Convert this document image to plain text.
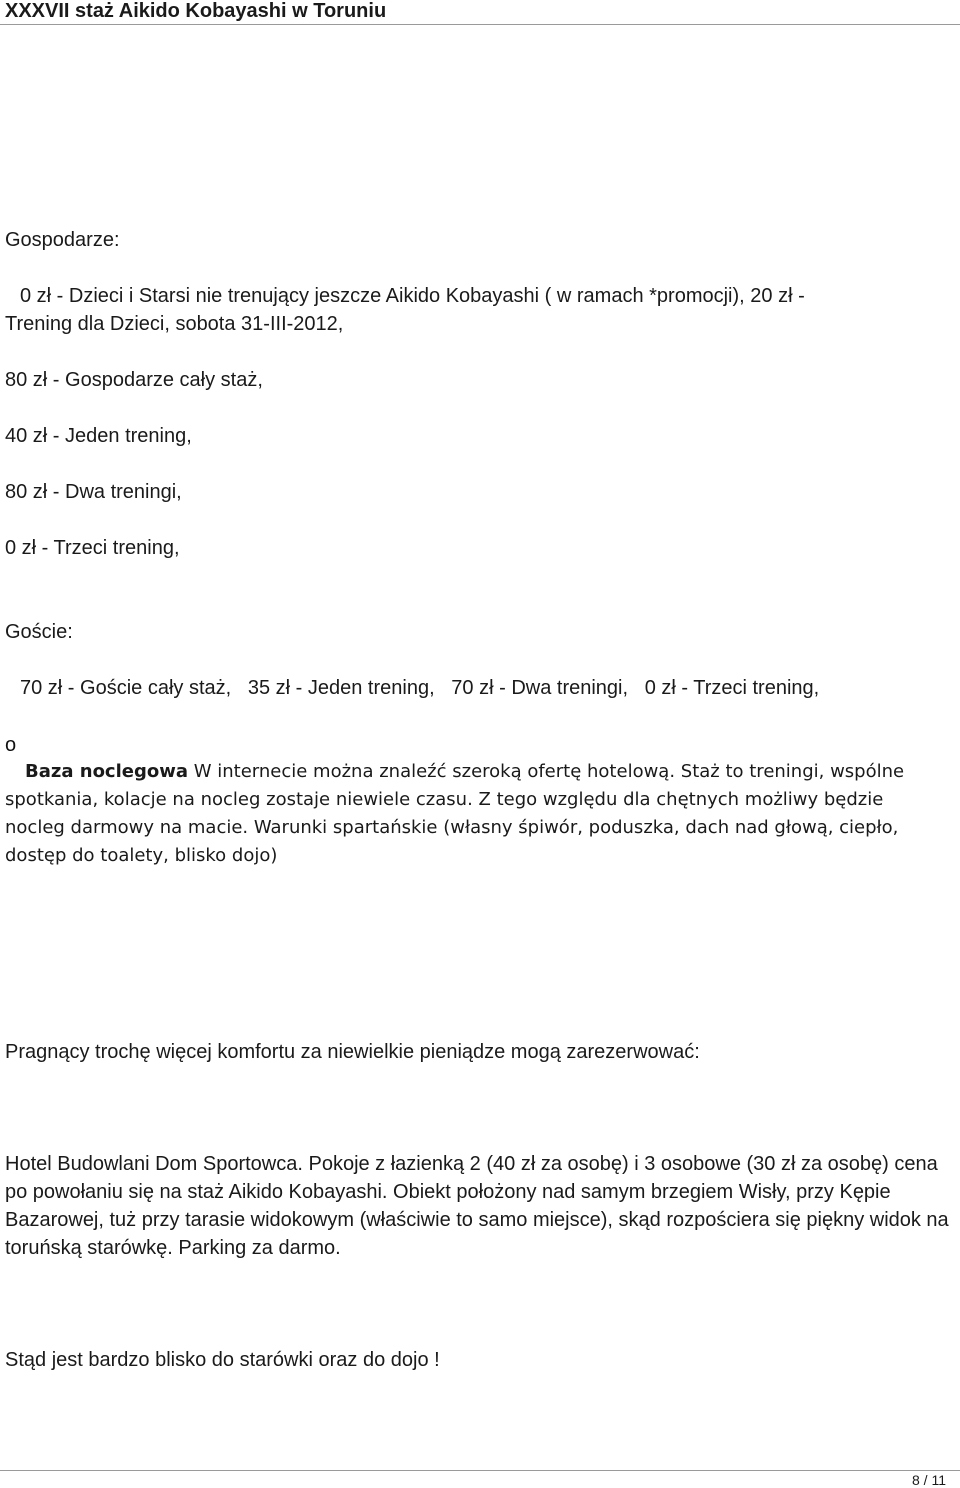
XXXVII staż Aikido Kobayashi w Toruniu
Gospodarze:
0 zł - Dzieci i Starsi nie trenujący jeszcze Aikido Kobayashi ( w ramach *promocji), 20 zł -
Trening dla Dzieci, sobota 31-III-2012,
80 zł - Gospodarze cały staż,
40 zł - Jeden trening,
80 zł - Dwa treningi,
0 zł - Trzeci trening,
Goście:
70 zł - Goście cały staż,   35 zł - Jeden trening,   70 zł - Dwa treningi,   0 zł - Trzeci trening,
o
Baza noclegowa W internecie można znaleźć szeroką ofertę hotelową. Staż to treningi, wspólne spotkania, kolacje na nocleg zostaje niewiele czasu. Z tego względu dla chętnych możliwy będzie nocleg darmowy na macie. Warunki spartańskie (własny śpiwór, poduszka, dach nad głową, ciepło, dostęp do toalety, blisko dojo)
Pragnący trochę więcej komfortu za niewielkie pieniądze mogą zarezerwować:
Hotel Budowlani Dom Sportowca. Pokoje z łazienką 2 (40 zł za osobę) i 3 osobowe (30 zł za osobę) cena po powołaniu się na staż Aikido Kobayashi. Obiekt położony nad samym brzegiem Wisły, przy Kępie Bazarowej, tuż przy tarasie widokowym (właściwie to samo miejsce), skąd rozpościera się piękny widok na toruńską starówkę. Parking za darmo.
Stąd jest bardzo blisko do starówki oraz do dojo !
8 / 11
